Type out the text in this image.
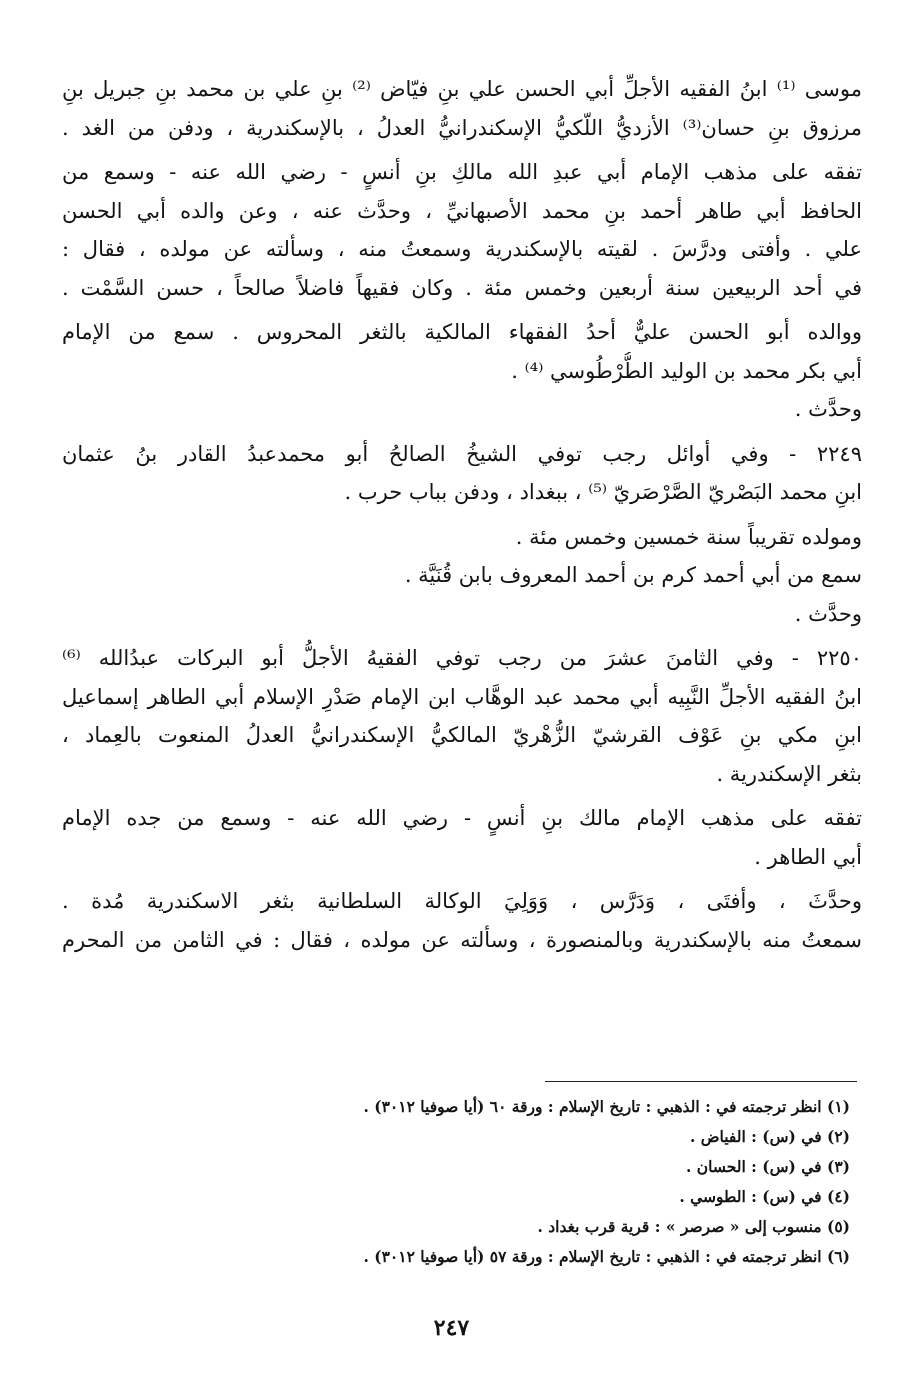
موسى ⁽¹⁾ ابنُ الفقيه الأجلِّ أبي الحسن علي بنِ فيّاض ⁽²⁾ بنِ علي بن محمد بنِ جبريل بنِ
مرزوق بنِ حسان⁽³⁾ الأزديُّ اللّكيُّ الإسكندرانيُّ العدلُ ، بالإسكندرية ، ودفن من الغد .
تفقه على مذهب الإمام أبي عبدِ الله مالكِ بنِ أنسٍ - رضي الله عنه - وسمع من
الحافظ أبي طاهر أحمد بنِ محمد الأصبهانيِّ ، وحدَّث عنه ، وعن والده أبي الحسن
علي . وأفتى ودرَّسَ . لقيته بالإسكندرية وسمعتُ منه ، وسألته عن مولده ، فقال :
في أحد الربيعين سنة أربعين وخمس مئة . وكان فقيهاً فاضلاً صالحاً ، حسن السَّمْت .
ووالده أبو الحسن عليٌّ أحدُ الفقهاء المالكية بالثغر المحروس . سمع من الإمام
أبي بكر محمد بن الوليد الطُّرْطُوسي ⁽⁴⁾ .
وحدَّث .
٢٢٤٩ - وفي أوائل رجب توفي الشيخُ الصالحُ أبو محمدعبدُ القادر بنُ عثمان
ابنِ محمد البَصْريّ الصَّرْصَريّ ⁽⁵⁾ ، ببغداد ، ودفن بباب حرب .
ومولده تقريباً سنة خمسين وخمس مئة .
سمع من أبي أحمد كرم بن أحمد المعروف بابن قُنَيَّة .
وحدَّث .
٢٢٥٠ - وفي الثامنَ عشرَ من رجب توفي الفقيهُ الأجلُّ أبو البركات عبدُالله ⁽⁶⁾
ابنُ الفقيه الأجلِّ النَّبِيه أبي محمد عبد الوهَّاب ابن الإمام صَدْرِ الإسلام أبي الطاهر إسماعيل
ابنِ مكي بنِ عَوْف القرشيّ الزُّهْريّ المالكيُّ الإسكندرانيُّ العدلُ المنعوت بالعِماد ،
بثغر الإسكندرية .
تفقه على مذهب الإمام مالك بنِ أنسٍ - رضي الله عنه - وسمع من جده الإمام
أبي الطاهر .
وحدَّثَ ، وأفتَى ، وَدَرَّس ، وَوَلِيَ الوكالة السلطانية بثغر الاسكندرية مُدة .
سمعتُ منه بالإسكندرية وبالمنصورة ، وسألته عن مولده ، فقال : في الثامن من المحرم
(١) انظر ترجمته في : الذهبي : تاريخ الإسلام : ورقة ٦٠ (أيا صوفيا ٣٠١٢) .
(٢) في (س) : الفياض .
(٣) في (س) : الحسان .
(٤) في (س) : الطوسي .
(٥) منسوب إلى « صرصر » : قرية قرب بغداد .
(٦) انظر ترجمته في : الذهبي : تاريخ الإسلام : ورقة ٥٧ (أيا صوفيا ٣٠١٢) .
٢٤٧
